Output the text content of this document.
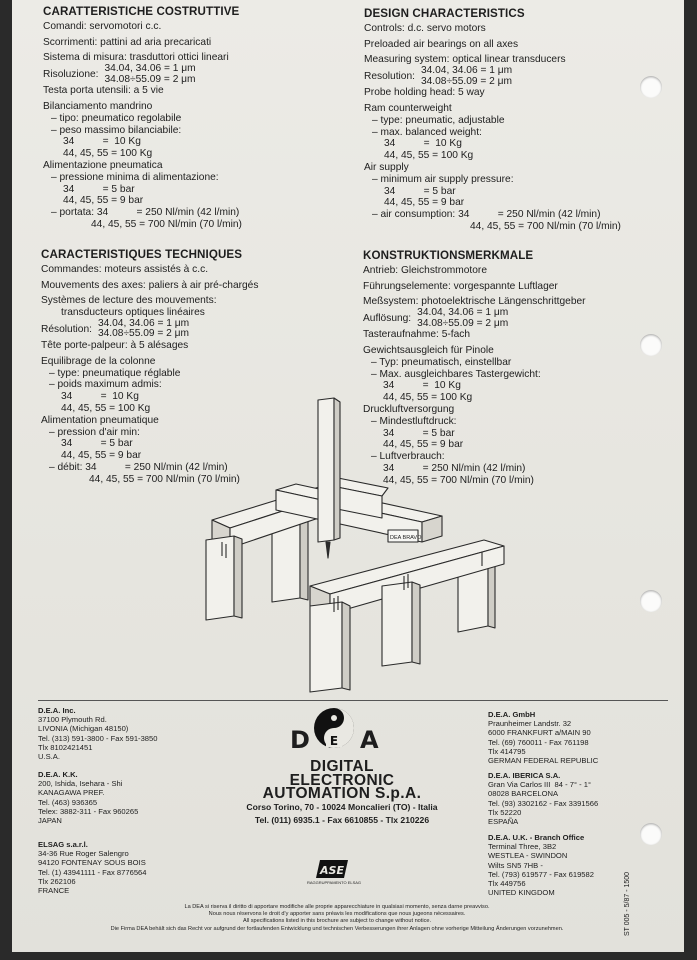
CARATTERISTICHE COSTRUTTIVE
Comandi: servomotori c.c.
Scorrimenti: pattini ad aria precaricati
Sistema di misura: trasduttori ottici lineari
Risoluzione:
34.04, 34.06 = 1 μm
34.08÷55.09 = 2 μm
Testa porta utensili: a 5 vie
Bilanciamento mandrino
– tipo: pneumatico regolabile
– peso massimo bilanciabile:
34          =  10 Kg
44, 45, 55 = 100 Kg
Alimentazione pneumatica
– pressione minima di alimentazione:
34          = 5 bar
44, 45, 55 = 9 bar
– portata: 34          = 250 Nl/min (42 l/min)
44, 45, 55 = 700 Nl/min (70 l/min)
DESIGN CHARACTERISTICS
Controls: d.c. servo motors
Preloaded air bearings on all axes
Measuring system: optical linear transducers
Resolution:
34.04, 34.06 = 1 μm
34.08÷55.09 = 2 μm
Probe holding head: 5 way
Ram counterweight
– type: pneumatic, adjustable
– max. balanced weight:
34          =  10 Kg
44, 45, 55 = 100 Kg
Air supply
– minimum air supply pressure:
34          = 5 bar
44, 45, 55 = 9 bar
– air consumption: 34          = 250 Nl/min (42 l/min)
44, 45, 55 = 700 Nl/min (70 l/min)
CARACTERISTIQUES TECHNIQUES
Commandes: moteurs assistés à c.c.
Mouvements des axes: paliers à air pré-chargés
Systèmes de lecture des mouvements:
transducteurs optiques linéaires
Résolution:
34.04, 34.06 = 1 μm
34.08÷55.09 = 2 μm
Tête porte-palpeur: à 5 alésages
Equilibrage de la colonne
– type: pneumatique réglable
– poids maximum admis:
34          =  10 Kg
44, 45, 55 = 100 Kg
Alimentation pneumatique
– pression d'air min:
34          = 5 bar
44, 45, 55 = 9 bar
– débit: 34          = 250 Nl/min (42 l/min)
44, 45, 55 = 700 Nl/min (70 l/min)
KONSTRUKTIONSMERKMALE
Antrieb: Gleichstrommotore
Führungselemente: vorgespannte Luftlager
Meßsystem: photoelektrische Längenschrittgeber
Auflösung:
34.04, 34.06 = 1 μm
34.08÷55.09 = 2 μm
Tasteraufnahme: 5-fach
Gewichtsausgleich für Pinole
– Typ: pneumatisch, einstellbar
– Max. ausgleichbares Tastergewicht:
34          =  10 Kg
44, 45, 55 = 100 Kg
Druckluftversorgung
– Mindestluftdruck:
34          = 5 bar
44, 45, 55 = 9 bar
– Luftverbrauch:
34          = 250 Nl/min (42 l/min)
44, 45, 55 = 700 Nl/min (70 l/min)
DEA BRAVO
D.E.A. Inc.
37100 Plymouth Rd.
LIVONIA (Michigan 48150)
Tel. (313) 591-3800 - Fax 591-3850
Tlx 8102421451
U.S.A.
D.E.A. K.K.
200, Ishida, Isehara - Shi
KANAGAWA PREF.
Tel. (463) 936365
Telex: 3882-311 - Fax 960265
JAPAN
ELSAG s.a.r.l.
34-36 Rue Roger Salengro
94120 FONTENAY SOUS BOIS
Tel. (1) 43941111 - Fax 8776564
Tlx 262106
FRANCE
D.E.A. GmbH
Praunheimer Landstr. 32
6000 FRANKFURT a/MAIN 90
Tel. (69) 760011 - Fax 761198
Tlx 414795
GERMAN FEDERAL REPUBLIC
D.E.A. IBERICA S.A.
Gran Via Carlos III  84 - 7° - 1°
08028 BARCELONA
Tel. (93) 3302162 - Fax 3391566
Tlx 52220
ESPAÑA
D.E.A. U.K. - Branch Office
Terminal Three, 3B2
WESTLEA - SWINDON
Wilts SN5 7HB -
Tel. (793) 619577 - Fax 619582
Tlx 449756
UNITED KINGDOM
E
D A
DIGITAL
ELECTRONIC
AUTOMATION S.p.A.
Corso Torino, 70 - 10024 Moncalieri (TO) - Italia
Tel. (011) 6935.1 - Fax 6610855 - Tlx 210226
ASE
RAGGRUPPAMENTO ELSAG
La DEA si riserva il diritto di apportare modifiche alle proprie apparecchiature in qualsiasi momento, senza darne preavviso.
Nous nous réservons le droit d'y apporter sans préavis les modifications que nous jugeons nécessaires.
All specifications listed in this brochure are subject to change without notice.
Die Firma DEA behält sich das Recht vor aufgrund der fortlaufenden Entwicklung und technischen Verbesserungen ihrer Anlagen ohne vorherige Mitteilung Änderungen vorzunehmen.	ST 005 - 5/87 - 1500
